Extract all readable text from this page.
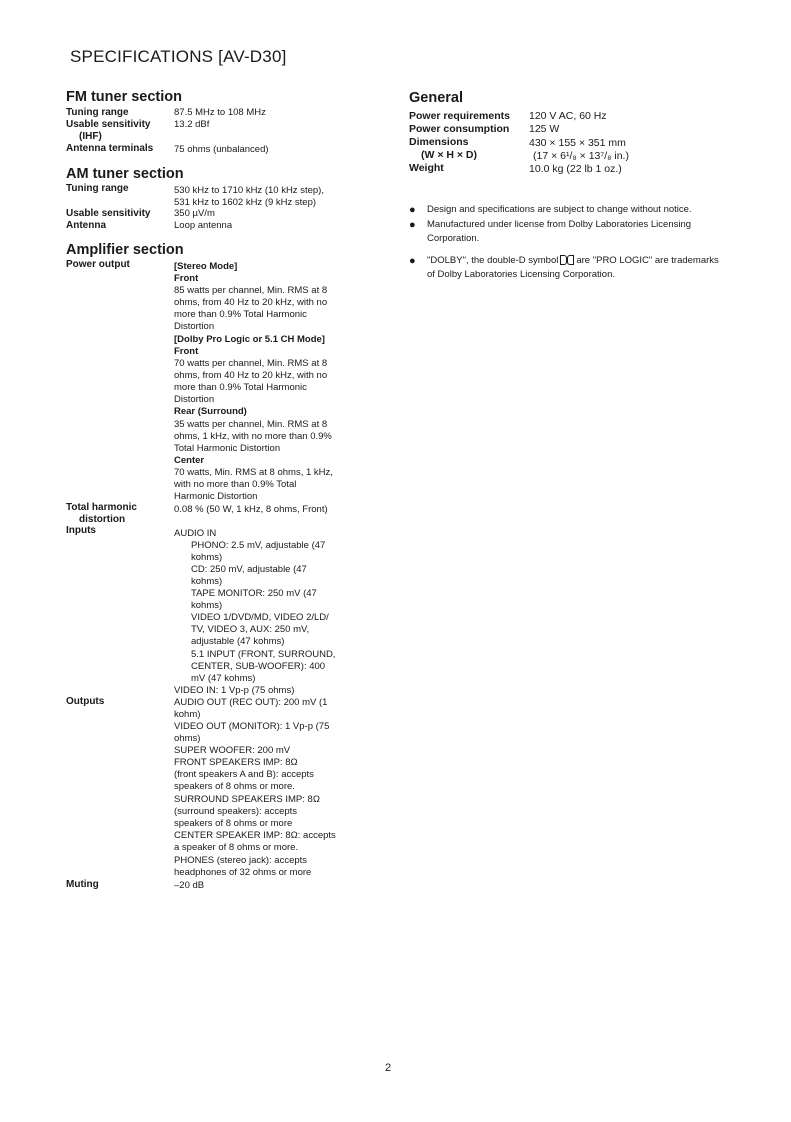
SPECIFICATIONS [AV-D30]
FM tuner section
Tuning range	87.5 MHz to 108 MHz
Usable sensitivity 13.2 dBf
(IHF)
Antenna terminals 75 ohms (unbalanced)
AM tuner section
Tuning range	530 kHz to 1710 kHz (10 kHz step),
531 kHz to 1602 kHz (9 kHz step)
Usable sensitivity 350 µV/m
Antenna	Loop antenna
Amplifier section
Power output	[Stereo Mode]
Front
85 watts per channel, Min. RMS at 8
ohms, from 40 Hz to 20 kHz, with no
more than 0.9% Total Harmonic
Distortion
[Dolby Pro Logic or 5.1 CH Mode]
Front
70 watts per channel, Min. RMS at 8
ohms, from 40 Hz to 20 kHz, with no
more than 0.9% Total Harmonic
Distortion
Rear (Surround)
35 watts per channel, Min. RMS at 8
ohms, 1 kHz, with no more than 0.9%
Total Harmonic Distortion
Center
70 watts, Min. RMS at 8 ohms, 1 kHz,
with no more than 0.9% Total
Harmonic Distortion
Total harmonic	0.08 % (50 W, 1 kHz, 8 ohms, Front)
distortion
Inputs	AUDIO IN
PHONO: 2.5 mV, adjustable (47
kohms)
CD: 250 mV, adjustable (47
kohms)
TAPE MONITOR: 250 mV (47
kohms)
VIDEO 1/DVD/MD, VIDEO 2/LD/
TV, VIDEO 3, AUX: 250 mV,
adjustable (47 kohms)
5.1 INPUT (FRONT, SURROUND,
CENTER, SUB-WOOFER): 400
mV (47 kohms)
VIDEO IN: 1 Vp-p (75 ohms)
Outputs	AUDIO OUT (REC OUT): 200 mV (1
kohm)
VIDEO OUT (MONITOR): 1 Vp-p (75
ohms)
SUPER WOOFER: 200 mV
FRONT SPEAKERS IMP: 8Ω
(front speakers A and B): accepts
speakers of 8 ohms or more.
SURROUND SPEAKERS IMP: 8Ω
(surround speakers): accepts
speakers of 8 ohms or more
CENTER SPEAKER IMP: 8Ω: accepts
a speaker of 8 ohms or more.
PHONES (stereo jack): accepts
headphones of 32 ohms or more
Muting	–20 dB
General
Power requirements 120 V AC, 60 Hz
Power consumption 125 W
Dimensions	430 × 155 × 351 mm
(W × H × D)	(17 × 6¹/₈ × 13⁷/₈ in.)
Weight	10.0 kg (22 lb 1 oz.)
● Design and specifications are subject to change without notice.
● Manufactured under license from Dolby Laboratories Licensing Corporation.
● "DOLBY", the double-D symbol are "PRO LOGIC" are trademarks of Dolby Laboratories Licensing Corporation.
2
